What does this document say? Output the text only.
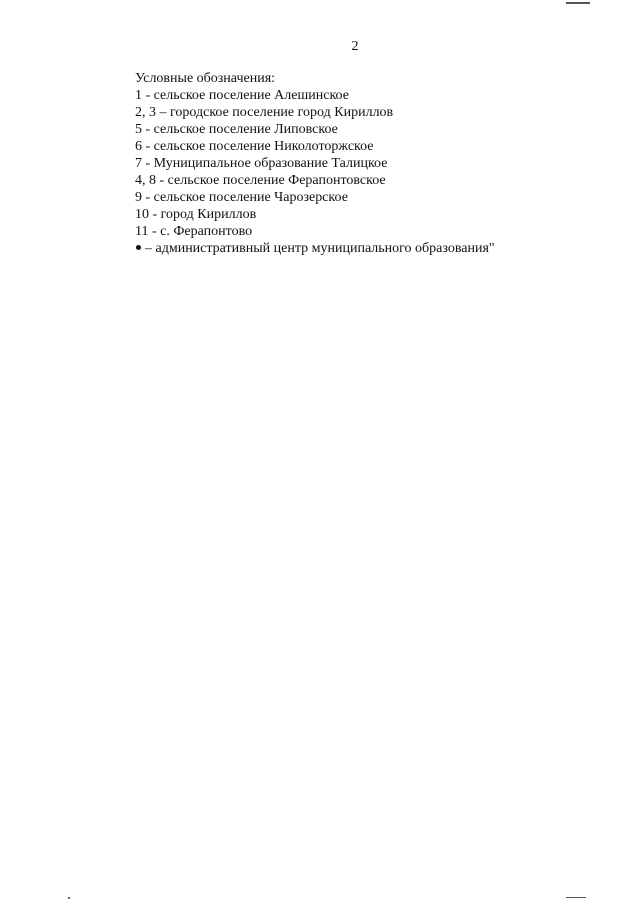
2
Условные обозначения:
1 - сельское поселение Алешинское
2, 3 – городское поселение город Кириллов
5 - сельское поселение Липовское
6 - сельское поселение Николоторжское
7 - Муниципальное образование Талицкое
4, 8 - сельское поселение Ферапонтовское
9 - сельское поселение Чарозерское
10 - город Кириллов
11 - с. Ферапонтово
– административный центр муниципального образования"
